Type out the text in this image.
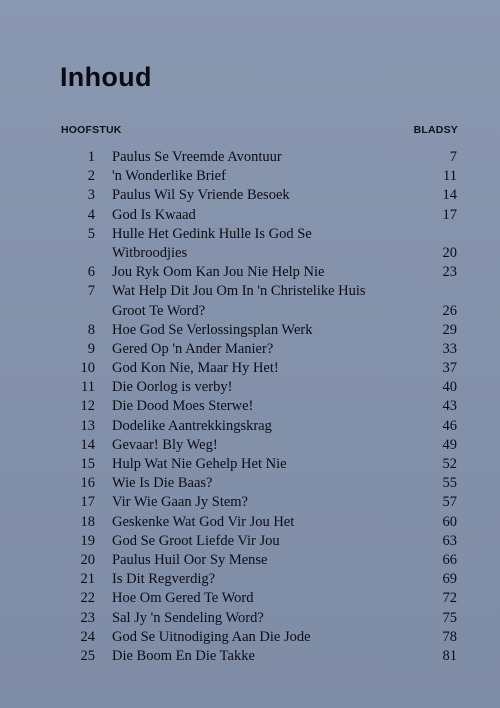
Inhoud
HOOFSTUK	BLADSY
1 Paulus Se Vreemde Avontuur	7
2 'n Wonderlike Brief	11
3 Paulus Wil Sy Vriende Besoek	14
4 God Is Kwaad	17
5 Hulle Het Gedink Hulle Is God Se
Witbroodjies	20
6 Jou Ryk Oom Kan Jou Nie Help Nie	23
7 Wat Help Dit Jou Om In 'n Christelike Huis
Groot Te Word?	26
8 Hoe God Se Verlossingsplan Werk	29
9 Gered Op 'n Ander Manier?	33
10 God Kon Nie, Maar Hy Het!	37
11 Die Oorlog is verby!	40
12 Die Dood Moes Sterwe!	43
13 Dodelike Aantrekkingskrag	46
14 Gevaar! Bly Weg!	49
15 Hulp Wat Nie Gehelp Het Nie	52
16 Wie Is Die Baas?	55
17 Vir Wie Gaan Jy Stem?	57
18 Geskenke Wat God Vir Jou Het	60
19 God Se Groot Liefde Vir Jou	63
20 Paulus Huil Oor Sy Mense	66
21 Is Dit Regverdig?	69
22 Hoe Om Gered Te Word	72
23 Sal Jy 'n Sendeling Word?	75
24 God Se Uitnodiging Aan Die Jode	78
25 Die Boom En Die Takke	81
